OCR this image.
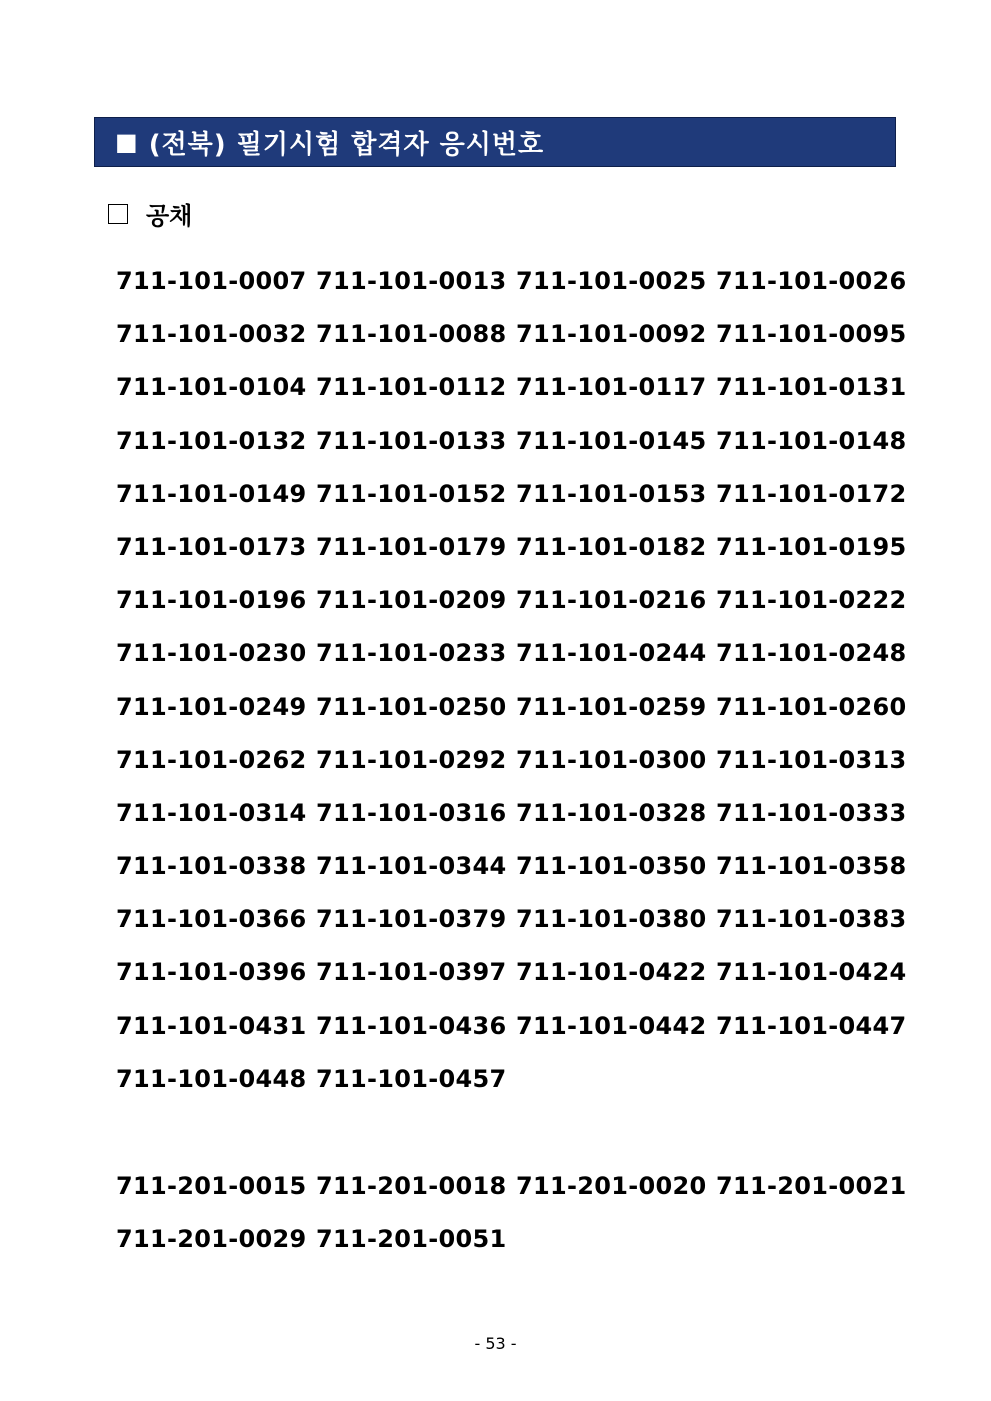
■ (전북) 필기시험 합격자 응시번호
공채
711-101-0007 711-101-0013 711-101-0025 711-101-0026
711-101-0032 711-101-0088 711-101-0092 711-101-0095
711-101-0104 711-101-0112 711-101-0117 711-101-0131
711-101-0132 711-101-0133 711-101-0145 711-101-0148
711-101-0149 711-101-0152 711-101-0153 711-101-0172
711-101-0173 711-101-0179 711-101-0182 711-101-0195
711-101-0196 711-101-0209 711-101-0216 711-101-0222
711-101-0230 711-101-0233 711-101-0244 711-101-0248
711-101-0249 711-101-0250 711-101-0259 711-101-0260
711-101-0262 711-101-0292 711-101-0300 711-101-0313
711-101-0314 711-101-0316 711-101-0328 711-101-0333
711-101-0338 711-101-0344 711-101-0350 711-101-0358
711-101-0366 711-101-0379 711-101-0380 711-101-0383
711-101-0396 711-101-0397 711-101-0422 711-101-0424
711-101-0431 711-101-0436 711-101-0442 711-101-0447
711-101-0448 711-101-0457
711-201-0015 711-201-0018 711-201-0020 711-201-0021
711-201-0029 711-201-0051
- 53 -
